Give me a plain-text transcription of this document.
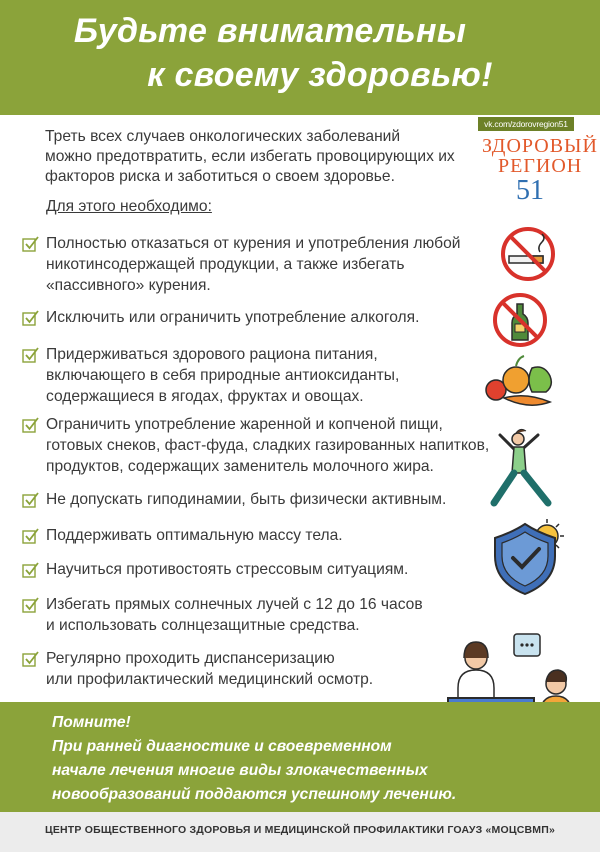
Будьте внимательны
к своему здоровью!
vk.com/zdorovregion51
ЗДОРОВЫЙ
РЕГИОН
51
Треть всех случаев онкологических заболеваний
можно предотвратить, если избегать провоцирующих их
факторов риска и заботиться о своем здоровье.
Для этого необходимо:
Полностью отказаться от курения и употребления любой
никотинсодержащей продукции, а также избегать
«пассивного» курения.
Исключить или ограничить употребление алкоголя.
Придерживаться здорового рациона питания,
включающего в себя природные антиоксиданты,
содержащиеся в ягодах, фруктах и овощах.
Ограничить употребление жаренной и копченой пищи,
готовых снеков, фаст-фуда, сладких газированных напитков,
продуктов, содержащих заменитель молочного жира.
Не допускать гиподинамии, быть физически активным.
Поддерживать оптимальную массу тела.
Научиться противостоять стрессовым ситуациям.
Избегать прямых солнечных лучей с 12 до 16 часов
и использовать солнцезащитные средства.
Регулярно проходить диспансеризацию
или профилактический медицинский осмотр.
Помните!
При ранней диагностике и своевременном
начале лечения многие виды злокачественных
новообразований поддаются успешному лечению.
ЦЕНТР ОБЩЕСТВЕННОГО ЗДОРОВЬЯ И МЕДИЦИНСКОЙ ПРОФИЛАКТИКИ ГОАУЗ «МОЦСВМП»
